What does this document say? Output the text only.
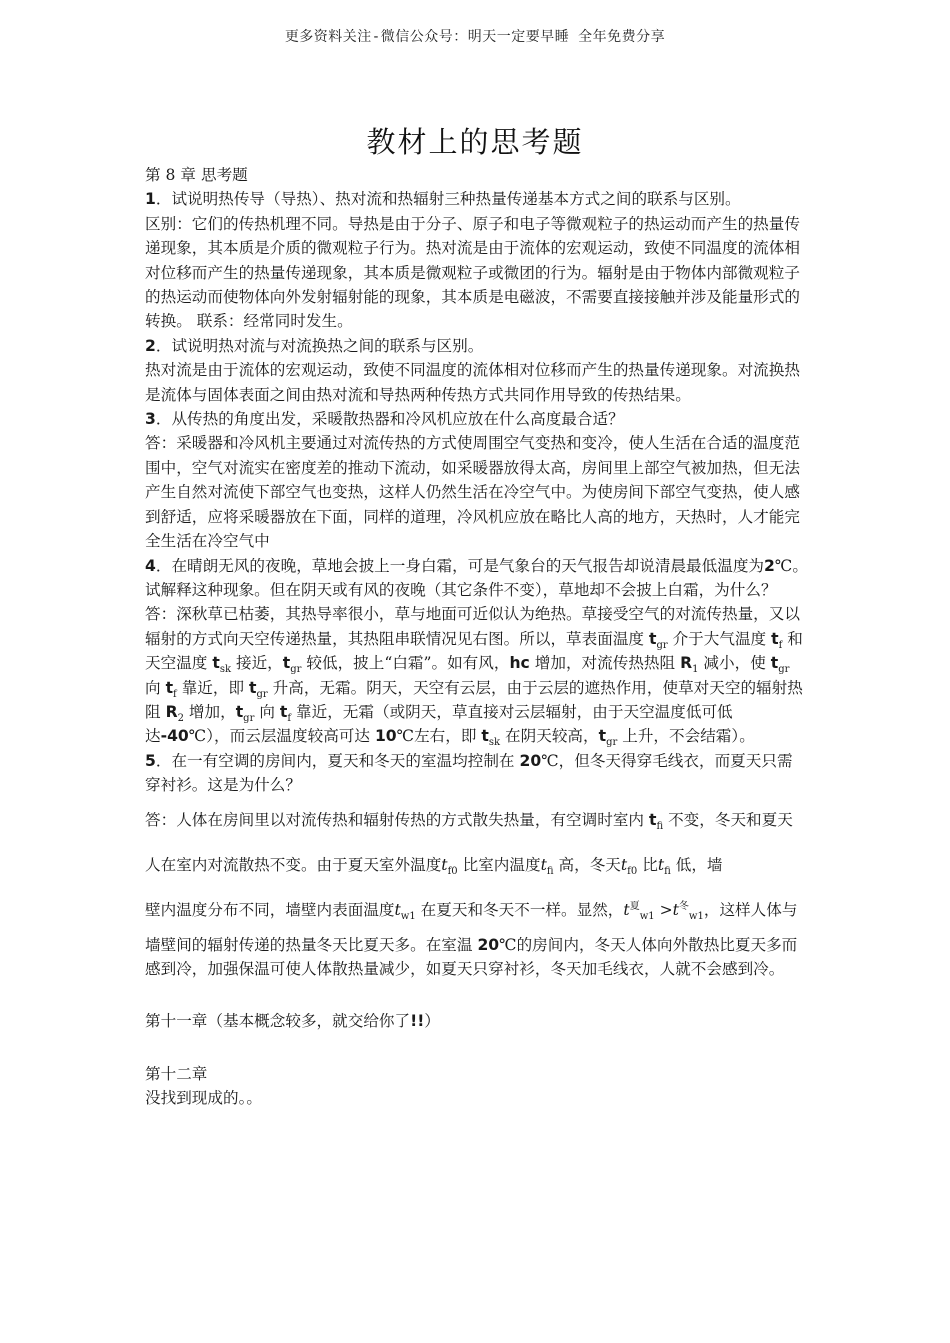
更多资料关注-微信公众号：明天一定要早睡 全年免费分享
教材上的思考题

第 8 章 思考题

1．试说明热传导（导热）、热对流和热辐射三种热量传递基本方式之间的联系与区别。

区别：它们的传热机理不同。导热是由于分子、原子和电子等微观粒子的热运动而产生的热量传递现象，其本质是介质的微观粒子行为。热对流是由于流体的宏观运动，致使不同温度的流体相对位移而产生的热量传递现象，其本质是微观粒子或微团的行为。辐射是由于物体内部微观粒子的热运动而使物体向外发射辐射能的现象，其本质是电磁波，不需要直接接触并涉及能量形式的转换。 联系：经常同时发生。

2．试说明热对流与对流换热之间的联系与区别。

热对流是由于流体的宏观运动，致使不同温度的流体相对位移而产生的热量传递现象。对流换热是流体与固体表面之间由热对流和导热两种传热方式共同作用导致的传热结果。

3．从传热的角度出发，采暖散热器和冷风机应放在什么高度最合适？

答：采暖器和冷风机主要通过对流传热的方式使周围空气变热和变冷，使人生活在合适的温度范围中，空气对流实在密度差的推动下流动，如采暖器放得太高，房间里上部空气被加热，但无法产生自然对流使下部空气也变热，这样人仍然生活在冷空气中。为使房间下部空气变热，使人感到舒适，应将采暖器放在下面，同样的道理，冷风机应放在略比人高的地方，天热时，人才能完全生活在冷空气中

4．在晴朗无风的夜晚，草地会披上一身白霜，可是气象台的天气报告却说清晨最低温度为2℃。试解释这种现象。但在阴天或有风的夜晚（其它条件不变），草地却不会披上白霜，为什么？

答：深秋草已枯萎，其热导率很小，草与地面可近似认为绝热。草接受空气的对流传热量，又以辐射的方式向天空传递热量，其热阻串联情况见右图。所以，草表面温度 $t_{gr}$ 介于大气温度 $t_f$ 和天空温度 $t_{sk}$ 接近，$t_{gr}$ 较低，披上“白霜”。如有风，hc 增加，对流传热热阻 $R_1$ 减小，使 $t_{gr}$ 向 $t_f$ 靠近，即 $t_{gr}$ 升高，无霜。阴天，天空有云层，由于云层的遮热作用，使草对天空的辐射热阻 $R_2$ 增加，$t_{gr}$ 向 $t_f$ 靠近，无霜（或阴天，草直接对云层辐射，由于天空温度低可低达-40℃），而云层温度较高可达 10℃左右，即 $t_{sk}$ 在阴天较高，$t_{gr}$ 上升，不会结霜）。

5．在一有空调的房间内，夏天和冬天的室温均控制在 20℃，但冬天得穿毛线衣，而夏天只需穿衬衫。这是为什么？

答：人体在房间里以对流传热和辐射传热的方式散失热量，有空调时室内 $t_{fi}$ 不变，冬天和夏天人在室内对流散热不变。由于夏天室外温度$t_{f0}$ 比室内温度$t_{fi}$ 高，冬天$t_{f0}$ 比$t_{fi}$ 低，墙

壁内温度分布不同，墙壁内表面温度$t_{w1}$ 在夏天和冬天不一样。显然，$t^夏_{w1} >t^冬_{w1}$，这样人体与

墙壁间的辐射传递的热量冬天比夏天多。在室温 20℃的房间内，冬天人体向外散热比夏天多而感到冷，加强保温可使人体散热量减少，如夏天只穿衬衫，冬天加毛线衣，人就不会感到冷。

第十一章（基本概念较多，就交给你了!!）

第十二章

没找到现成的。。
